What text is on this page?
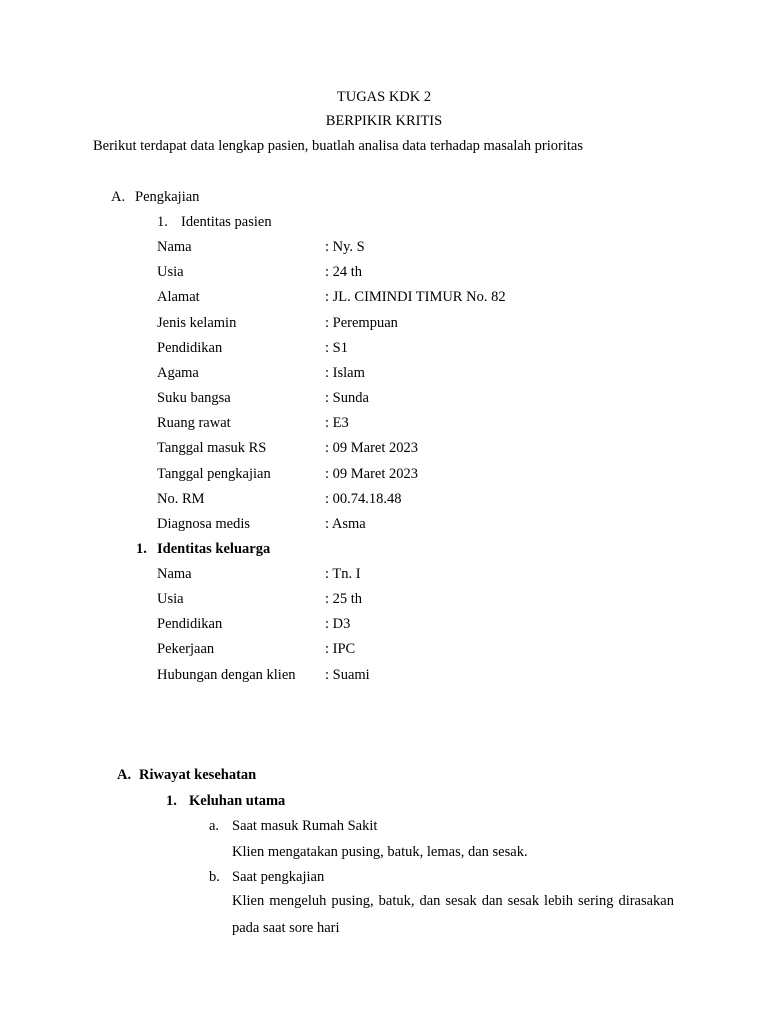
TUGAS KDK 2
BERPIKIR KRITIS
Berikut terdapat data lengkap pasien, buatlah analisa data terhadap masalah prioritas
A. Pengkajian
1. Identitas pasien
Nama	: Ny. S
Usia	: 24 th
Alamat	: JL. CIMINDI TIMUR No. 82
Jenis kelamin	: Perempuan
Pendidikan	: S1
Agama	: Islam
Suku bangsa	: Sunda
Ruang rawat	: E3
Tanggal masuk RS	: 09 Maret 2023
Tanggal pengkajian	: 09 Maret 2023
No. RM	: 00.74.18.48
Diagnosa medis	: Asma
1. Identitas keluarga
Nama	: Tn. I
Usia	: 25 th
Pendidikan	: D3
Pekerjaan	: IPC
Hubungan dengan klien : Suami
A. Riwayat kesehatan
1. Keluhan utama
a. Saat masuk Rumah Sakit
Klien mengatakan pusing, batuk, lemas, dan sesak.
b. Saat pengkajian
Klien mengeluh pusing, batuk, dan sesak dan sesak lebih sering dirasakan pada saat sore hari
